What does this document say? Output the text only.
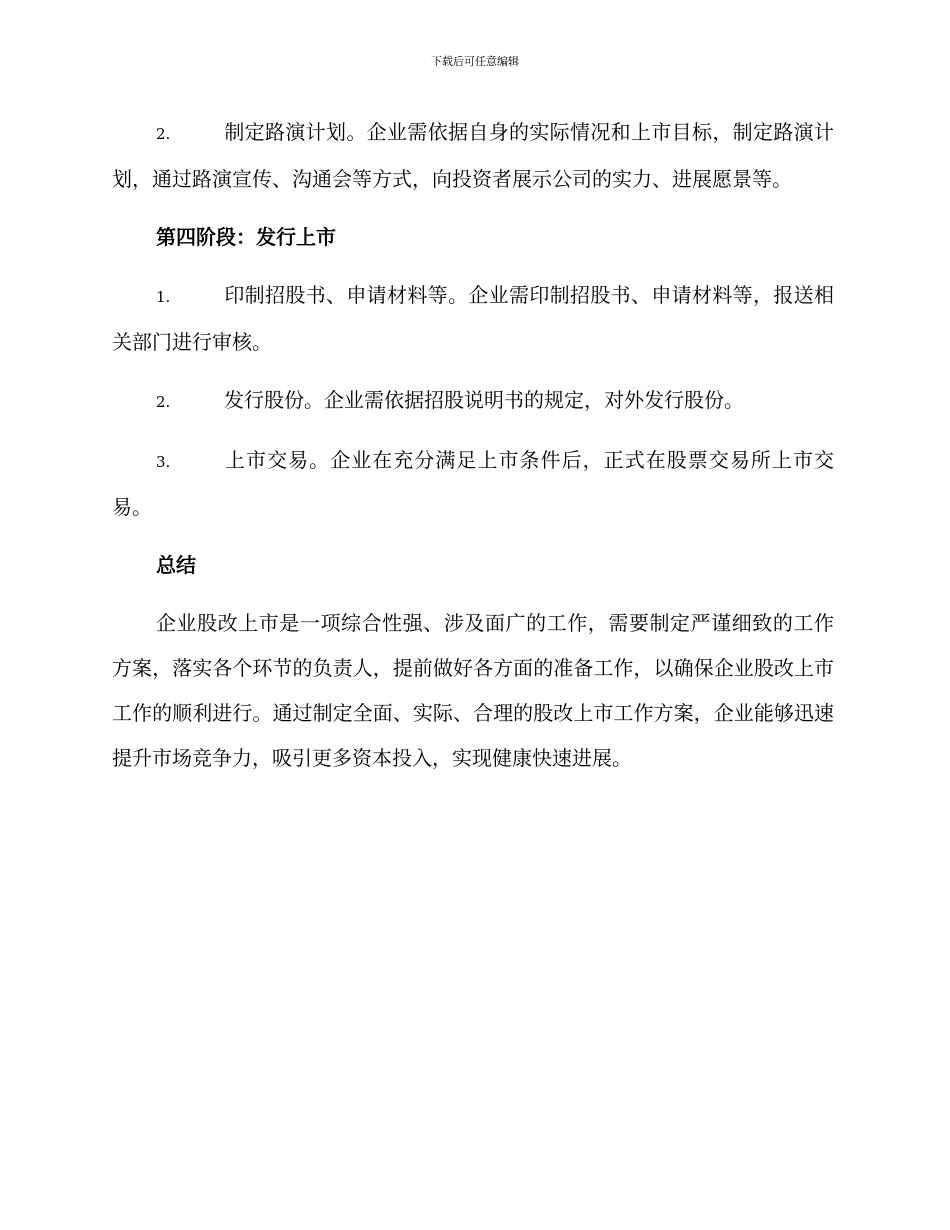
下载后可任意编辑

2.	制定路演计划。企业需依据自身的实际情况和上市目标，制定路演计划，通过路演宣传、沟通会等方式，向投资者展示公司的实力、进展愿景等。

第四阶段：发行上市

1.	印制招股书、申请材料等。企业需印制招股书、申请材料等，报送相关部门进行审核。

2.	发行股份。企业需依据招股说明书的规定，对外发行股份。

3.	上市交易。企业在充分满足上市条件后，正式在股票交易所上市交易。

总结

企业股改上市是一项综合性强、涉及面广的工作，需要制定严谨细致的工作方案，落实各个环节的负责人，提前做好各方面的准备工作，以确保企业股改上市工作的顺利进行。通过制定全面、实际、合理的股改上市工作方案，企业能够迅速提升市场竞争力，吸引更多资本投入，实现健康快速进展。
